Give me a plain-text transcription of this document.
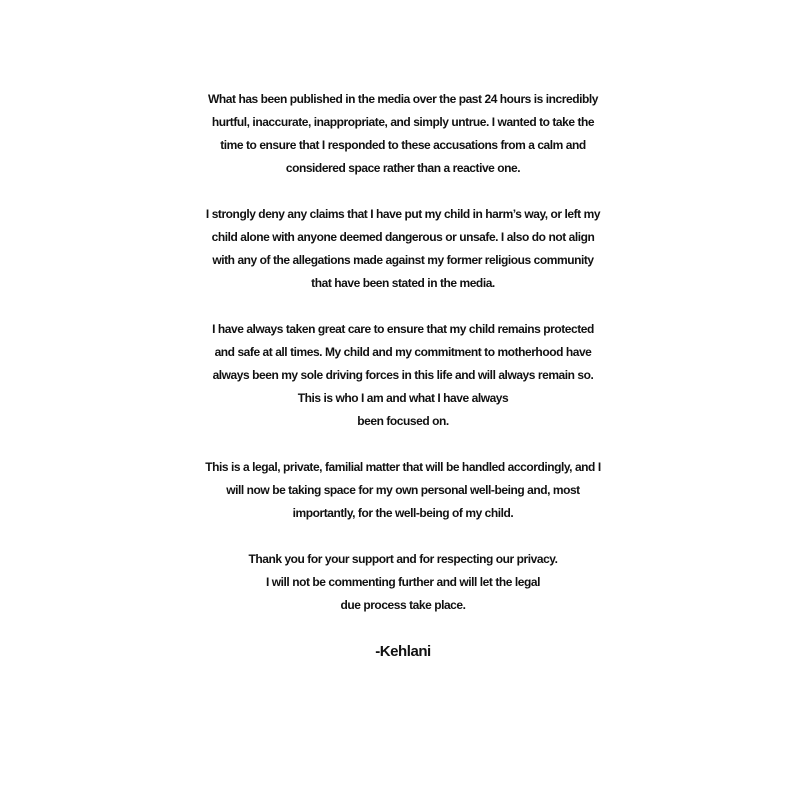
What has been published in the media over the past 24 hours is incredibly
hurtful, inaccurate, inappropriate, and simply untrue. I wanted to take the
time to ensure that I responded to these accusations from a calm and
considered space rather than a reactive one.

I strongly deny any claims that I have put my child in harm’s way, or left my
child alone with anyone deemed dangerous or unsafe. I also do not align
with any of the allegations made against my former religious community
that have been stated in the media.

I have always taken great care to ensure that my child remains protected
and safe at all times. My child and my commitment to motherhood have
always been my sole driving forces in this life and will always remain so.
This is who I am and what I have always
been focused on.

This is a legal, private, familial matter that will be handled accordingly, and I
will now be taking space for my own personal well-being and, most
importantly, for the well-being of my child.

Thank you for your support and for respecting our privacy.
I will not be commenting further and will let the legal
due process take place.

-Kehlani
